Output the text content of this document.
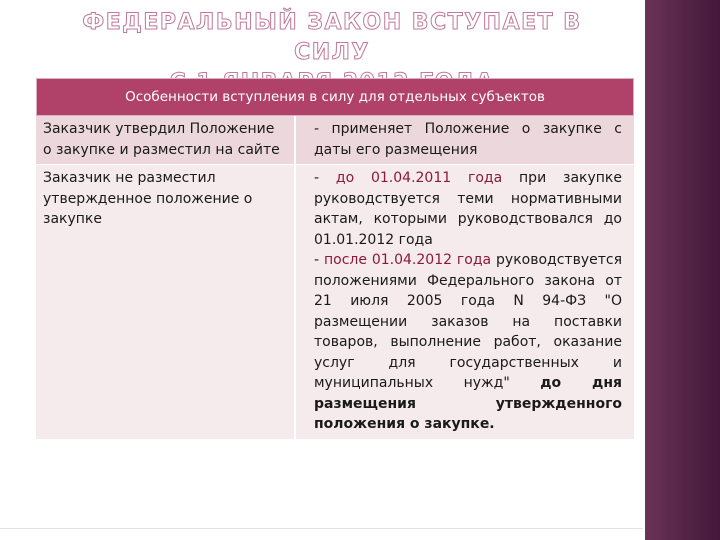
ФЕДЕРАЛЬНЫЙ ЗАКОН ВСТУПАЕТ В СИЛУ
Особенности вступления в силу для отдельных субъектов	
Заказчик утвердил Положение о закупке и разместил на сайте	- применяет Положение о закупке с даты его размещения
Заказчик не разместил утвержденное положение о закупке	- до 01.04.2011 года при закупке руководствуется теми нормативными актам, которыми руководствовался до 01.01.2012 года
- после 01.04.2012 года руководствуется положениями Федерального закона от 21 июля 2005 года N 94-ФЗ "О размещении заказов на поставки товаров, выполнение работ, оказание услуг для государственных и муниципальных нужд" до дня размещения утвержденного положения о закупке.
